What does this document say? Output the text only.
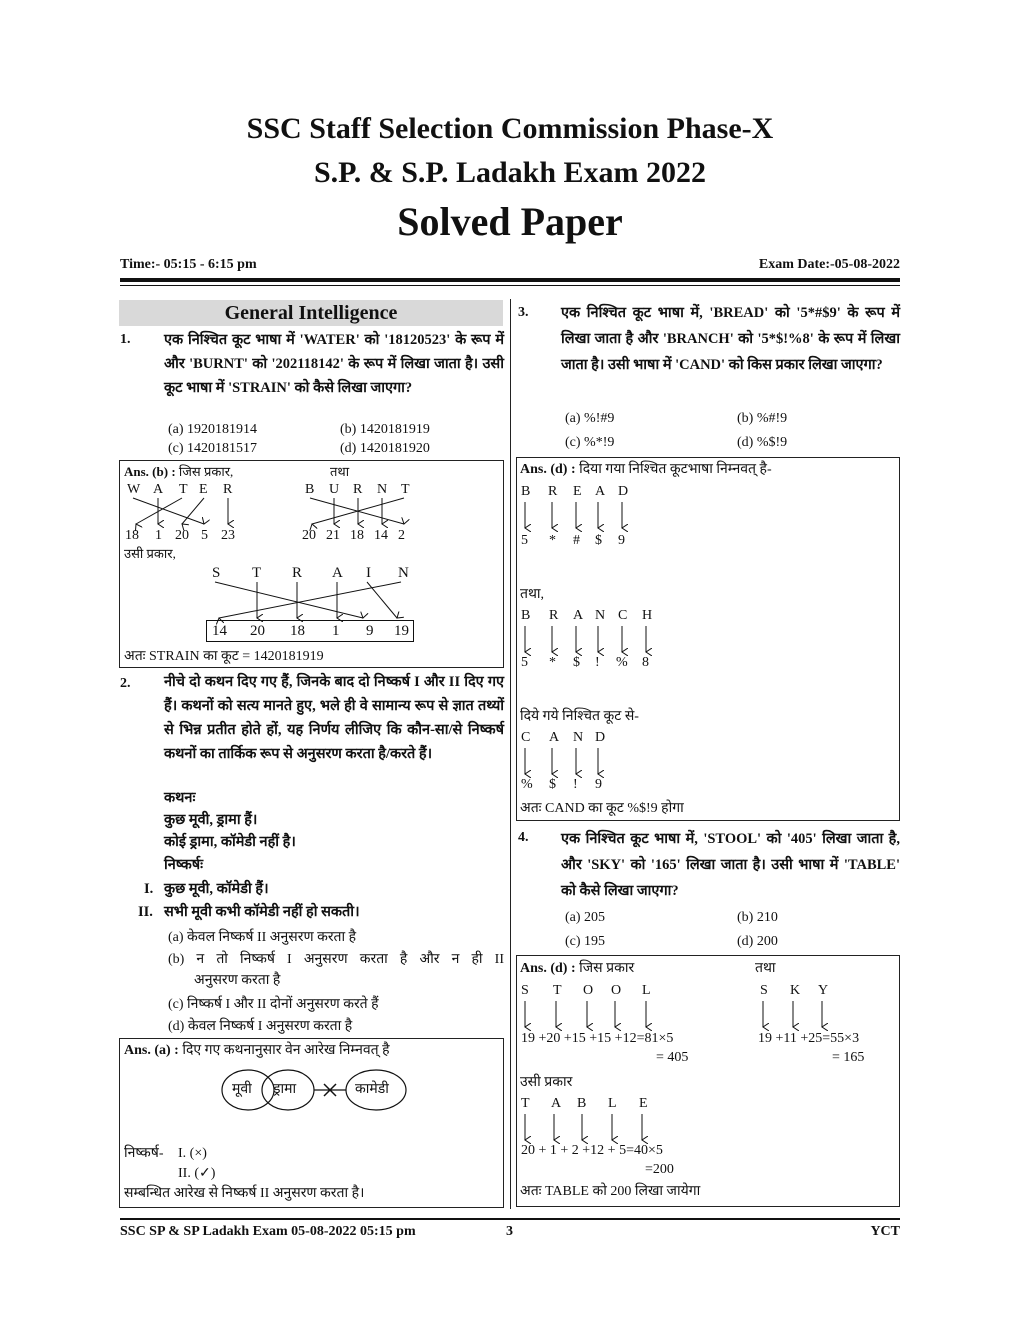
SSC Staff Selection Commission Phase-X
S.P. & S.P. Ladakh Exam 2022
Solved Paper
Time:- 05:15 - 6:15 pm	Exam Date:-05-08-2022
General Intelligence
1. एक निश्चित कूट भाषा में 'WATER' को '18120523' के रूप में और 'BURNT' को '202118142' के रूप में लिखा जाता है। उसी कूट भाषा में 'STRAIN' को कैसे लिखा जाएगा?
(a) 1920181914	(b) 1420181919
(c) 1420181517	(d) 1420181920
Ans. (b) : जिस प्रकार,	तथा
W A T E R
18 1 20 5 23
B U R N T
20 21 18 14 2
उसी प्रकार,
S T R A I N
14 20 18 1 9 19
अतः STRAIN का कूट = 1420181919
2. नीचे दो कथन दिए गए हैं, जिनके बाद दो निष्कर्ष I और II दिए गए हैं। कथनों को सत्य मानते हुए, भले ही वे सामान्य रूप से ज्ञात तथ्यों से भिन्न प्रतीत होते हों, यह निर्णय लीजिए कि कौन-सा/से निष्कर्ष कथनों का तार्किक रूप से अनुसरण करता है/करते हैं।
कथनः
कुछ मूवी, ड्रामा हैं।
कोई ड्रामा, कॉमेडी नहीं है।
निष्कर्षः
I. कुछ मूवी, कॉमेडी हैं।
II. सभी मूवी कभी कॉमेडी नहीं हो सकती।
(a) केवल निष्कर्ष II अनुसरण करता है
(b) न तो निष्कर्ष I अनुसरण करता है और न ही II
अनुसरण करता है
(c) निष्कर्ष I और II दोनों अनुसरण करते हैं
(d) केवल निष्कर्ष I अनुसरण करता है
Ans. (a) : दिए गए कथनानुसार वेन आरेख निम्नवत् है
मूवी ड्रामा	कामेडी
निष्कर्ष- I. (×)
II. (✓)
सम्बन्धित आरेख से निष्कर्ष II अनुसरण करता है।
3. एक निश्चित कूट भाषा में, 'BREAD' को '5*#$9' के रूप में लिखा जाता है और 'BRANCH' को '5*$!%8' के रूप में लिखा जाता है। उसी भाषा में 'CAND' को किस प्रकार लिखा जाएगा?
(a) %!#9	(b) %#!9
(c) %*!9	(d) %$!9
Ans. (d) : दिया गया निश्चित कूटभाषा निम्नवत् है-
B R E A D
5 * # $ 9
तथा,
B R A N C H
5 * $ ! % 8
दिये गये निश्चित कूट से-
C A N D
% $ ! 9
अतः CAND का कूट %$!9 होगा
4. एक निश्चित कूट भाषा में, 'STOOL' को '405' लिखा जाता है, और 'SKY' को '165' लिखा जाता है। उसी भाषा में 'TABLE' को कैसे लिखा जाएगा?
(a) 205	(b) 210
(c) 195	(d) 200
Ans. (d) : जिस प्रकार	तथा
S T O O L
19 +20 +15 +15 +12=81×5
= 405
S K Y
19 +11 +25=55×3
= 165
उसी प्रकार
T A B L E
20 + 1 + 2 +12 + 5=40×5
=200
अतः TABLE को 200 लिखा जायेगा
SSC SP & SP Ladakh Exam 05-08-2022 05:15 pm	3	YCT
